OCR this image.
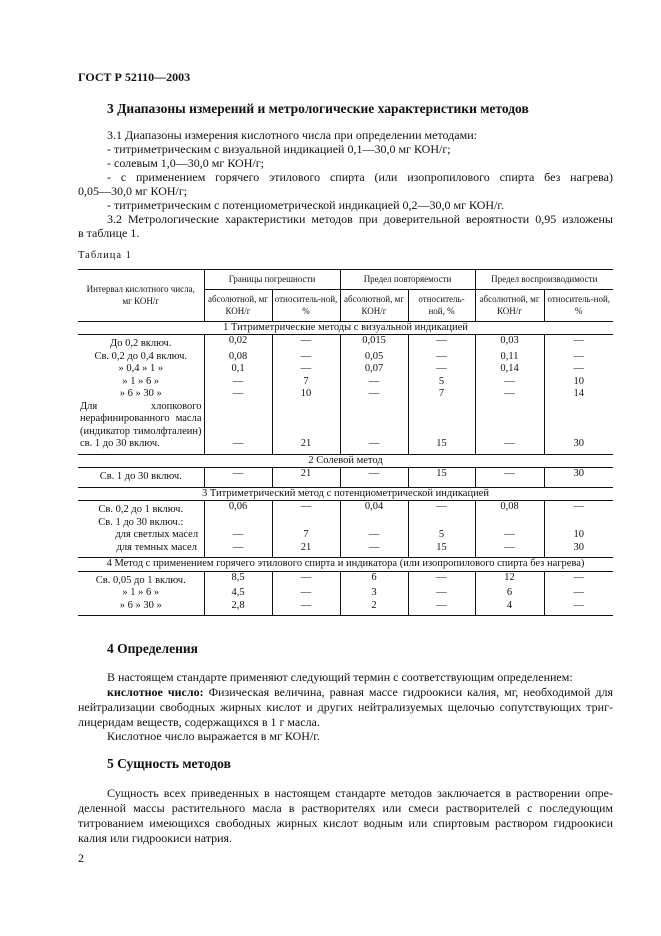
ГОСТ Р 52110—2003
3 Диапазоны измерений и метрологические характеристики методов
3.1 Диапазоны измерения кислотного числа при определении методами:
- титриметрическим с визуальной индикацией 0,1—30,0 мг КОН/г;
- солевым 1,0—30,0 мг КОН/г;
- с применением горячего этилового спирта (или изопропилового спирта без нагрева)
0,05—30,0 мг КОН/г;
- титриметрическим с потенциометрической индикацией 0,2—30,0 мг КОН/г.
3.2 Метрологические характеристики методов при доверительной вероятности 0,95 изложены
в таблице 1.
Таблица 1
Интервал кислотного числа, мг КОН/г	Границы погрешности		Предел повторяемости		Предел воспроизводимости	
	абсолютной, мг КОН/г	относитель-ной, %	абсолютной, мг КОН/г	относитель-ной, %	абсолютной, мг КОН/г	относитель-ной, %
1 Титриметрические методы с визуальной индикацией						
До 0,2 включ.	0,02	—	0,015	—	0,03	—
Св. 0,2 до 0,4 включ.	0,08	—	0,05	—	0,11	—
» 0,4 » 1 »	0,1	—	0,07	—	0,14	—
» 1 » 6 »	—	7	—	5	—	10
» 6 » 30 »	—	10	—	7	—	14
Для хлопкового нерафинированного масла (индикатор тимолфталеин) св. 1 до 30 включ.	—	21	—	15	—	30
2 Солевой метод						
Св. 1 до 30 включ.	—	21	—	15	—	30
3 Титриметрический метод с потенциометрической индикацией						
Св. 0,2 до 1 включ.	0,06	—	0,04	—	0,08	—
Св. 1 до 30 включ.:						
для светлых масел	—	7	—	5	—	10
для темных масел	—	21	—	15	—	30
4 Метод с применением горячего этилового спирта и индикатора (или изопропилового спирта без нагрева)						
Св. 0,05 до 1 включ.	8,5	—	6	—	12	—
» 1 » 6 »	4,5	—	3	—	6	—
» 6 » 30 »	2,8	—	2	—	4	—
4 Определения
В настоящем стандарте применяют следующий термин с соответствующим определением:
кислотное число: Физическая величина, равная массе гидроокиси калия, мг, необходимой для
нейтрализации свободных жирных кислот и других нейтрализуемых щелочью сопутствующих триг-
лицеридам веществ, содержащихся в 1 г масла.
Кислотное число выражается в мг КОН/г.
5 Сущность методов
Сущность всех приведенных в настоящем стандарте методов заключается в растворении опре-
деленной массы растительного масла в растворителях или смеси растворителей с последующим
титрованием имеющихся свободных жирных кислот водным или спиртовым раствором гидроокиси
калия или гидроокиси натрия.
2
